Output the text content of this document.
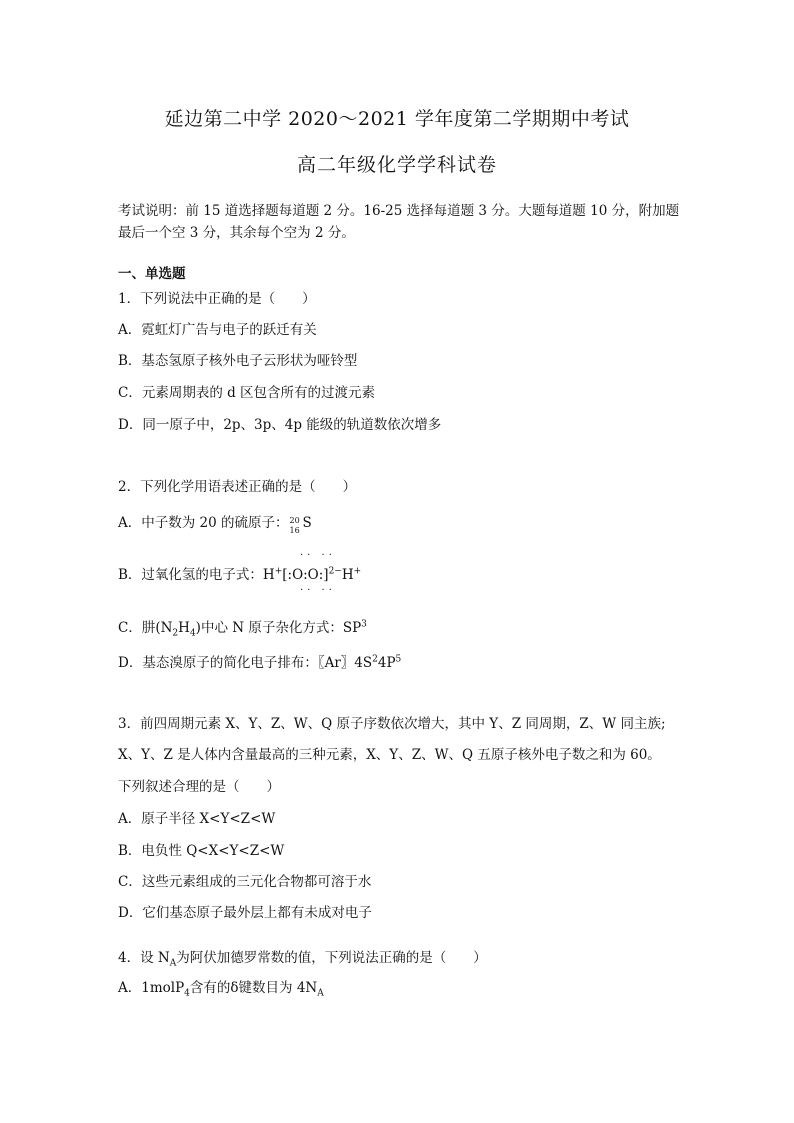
延边第二中学 2020～2021 学年度第二学期期中考试
高二年级化学学科试卷
考试说明：前 15 道选择题每道题 2 分。16-25 选择每道题 3 分。大题每道题 10 分，附加题
最后一个空 3 分，其余每个空为 2 分。
一、单选题
1．下列说法中正确的是（　　）
A．霓虹灯广告与电子的跃迁有关
B．基态氢原子核外电子云形状为哑铃型
C．元素周期表的 d 区包含所有的过渡元素
D．同一原子中，2p、3p、4p 能级的轨道数依次增多
2．下列化学用语表述正确的是（　　）
A．中子数为 20 的硫原子： 20
16 S
·· ··
B．过氧化氢的电子式：H+[:O:O:]$^{2-}$H+
·· ··
C．肼$(N_2H_4)$中心 N 原子杂化方式：$SP^3$
D．基态溴原子的简化电子排布：〖Ar〗$4S^24P^5$
3．前四周期元素 X、Y、Z、W、Q 原子序数依次增大，其中 Y、Z 同周期，Z、W 同主族;
X、Y、Z 是人体内含量最高的三种元素，X、Y、Z、W、Q 五原子核外电子数之和为 60。
下列叙述合理的是（　　）
A．原子半径 X<Y<Z<W
B．电负性 Q<X<Y<Z<W
C．这些元素组成的三元化合物都可溶于水
D．它们基态原子最外层上都有未成对电子
4．设 $N_A$为阿伏加德罗常数的值，下列说法正确的是（　　）
A．1molP$_4$含有的δ键数目为 $4N_A$
